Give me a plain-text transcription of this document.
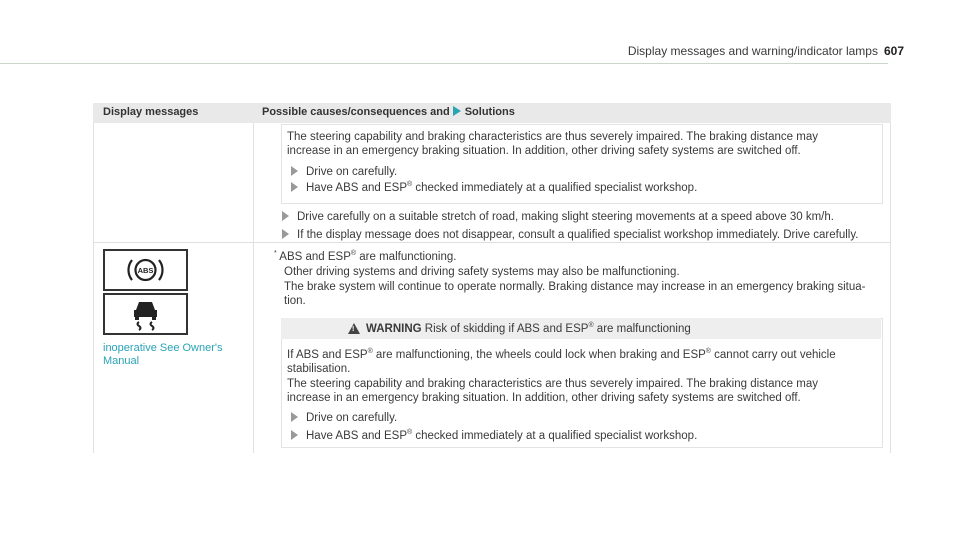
Display messages and warning/indicator lamps 607
Display messages	Possible causes/consequences and Solutions
The steering capability and braking characteristics are thus severely impaired. The braking distance may
increase in an emergency braking situation. In addition, other driving safety systems are switched off.
Drive on carefully.
Have ABS and ESP® checked immediately at a qualified specialist workshop.
Drive carefully on a suitable stretch of road, making slight steering movements at a speed above 30 km/h.
If the display message does not disappear, consult a qualified specialist workshop immediately. Drive carefully.
ABS
inoperative See Owner's
Manual
* ABS and ESP® are malfunctioning.
Other driving systems and driving safety systems may also be malfunctioning.
The brake system will continue to operate normally. Braking distance may increase in an emergency braking situa-
tion.
! WARNING Risk of skidding if ABS and ESP® are malfunctioning
If ABS and ESP® are malfunctioning, the wheels could lock when braking and ESP® cannot carry out vehicle
stabilisation.
The steering capability and braking characteristics are thus severely impaired. The braking distance may
increase in an emergency braking situation. In addition, other driving safety systems are switched off.
Drive on carefully.
Have ABS and ESP® checked immediately at a qualified specialist workshop.
